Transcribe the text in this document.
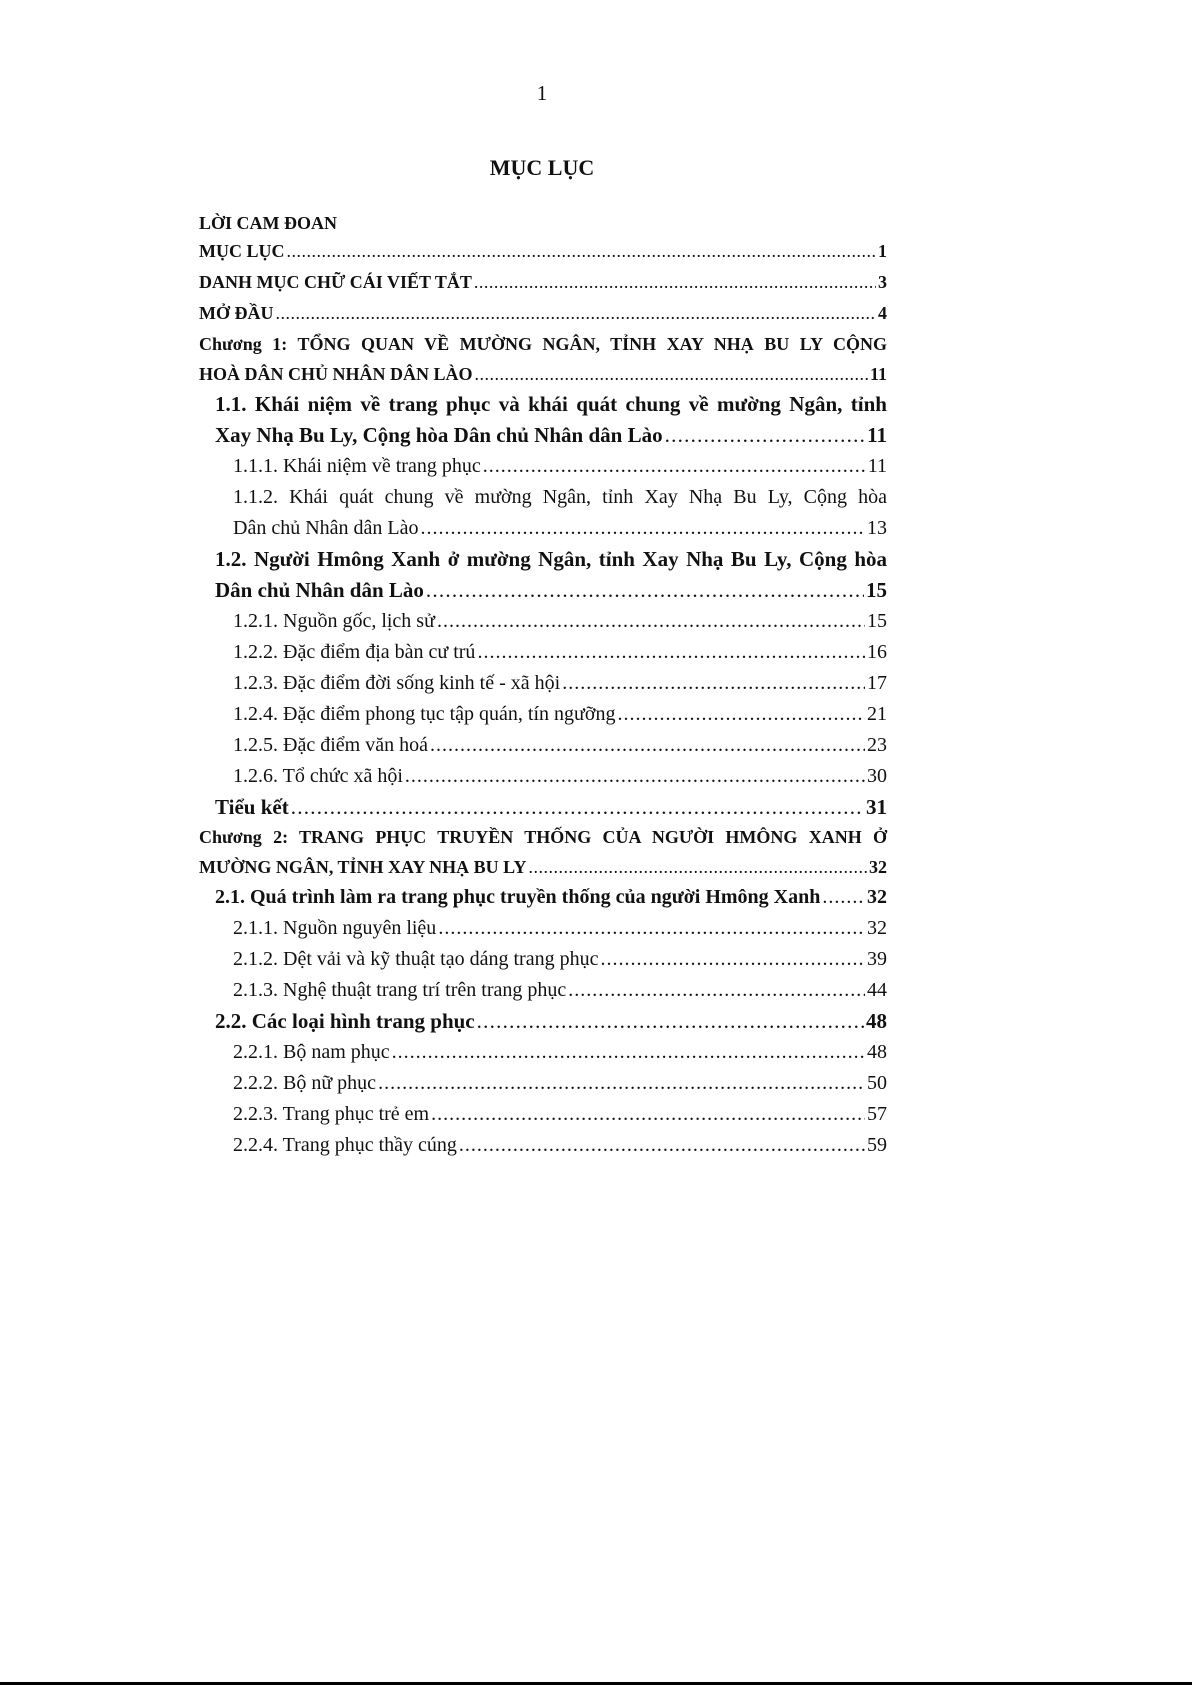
1
MỤC LỤC
LỜI CAM ĐOAN
MỤC LỤC . . .	1
DANH MỤC CHỮ CÁI VIẾT TẮT . . .	3
MỞ ĐẦU . . .	4
Chương 1: TỔNG QUAN VỀ MƯỜNG NGÂN, TỈNH XAY NHẠ BU LY CỘNG
HOÀ DÂN CHỦ NHÂN DÂN LÀO . . .	11
1.1. Khái niệm về trang phục và khái quát chung về mường Ngân, tỉnh
Xay Nhạ Bu Ly, Cộng hòa Dân chủ Nhân dân Lào . . .	11
1.1.1. Khái niệm về trang phục . . .	11
1.1.2. Khái quát chung về mường Ngân, tỉnh Xay Nhạ Bu Ly, Cộng hòa
Dân chủ Nhân dân Lào . . .	13
1.2. Người Hmông Xanh ở mường Ngân, tỉnh Xay Nhạ Bu Ly, Cộng hòa
Dân chủ Nhân dân Lào . . .	15
1.2.1. Nguồn gốc, lịch sử . . .	15
1.2.2. Đặc điểm địa bàn cư trú . . .	16
1.2.3. Đặc điểm đời sống kinh tế - xã hội . . .	17
1.2.4. Đặc điểm phong tục tập quán, tín ngưỡng . . .	21
1.2.5. Đặc điểm văn hoá . . .	23
1.2.6. Tổ chức xã hội . . .	30
Tiểu kết . . .	31
Chương 2: TRANG PHỤC TRUYỀN THỐNG CỦA NGƯỜI HMÔNG XANH Ở
MƯỜNG NGÂN, TỈNH XAY NHẠ BU LY . . .	32
2.1. Quá trình làm ra trang phục truyền thống của người Hmông Xanh . . . 32
2.1.1. Nguồn nguyên liệu . . .	32
2.1.2. Dệt vải và kỹ thuật tạo dáng trang phục . . .	39
2.1.3. Nghệ thuật trang trí trên trang phục . . .	44
2.2. Các loại hình trang phục . . .	48
2.2.1. Bộ nam phục . . .	48
2.2.2. Bộ nữ phục . . .	50
2.2.3. Trang phục trẻ em . . .	57
2.2.4. Trang phục thầy cúng . . .	59
